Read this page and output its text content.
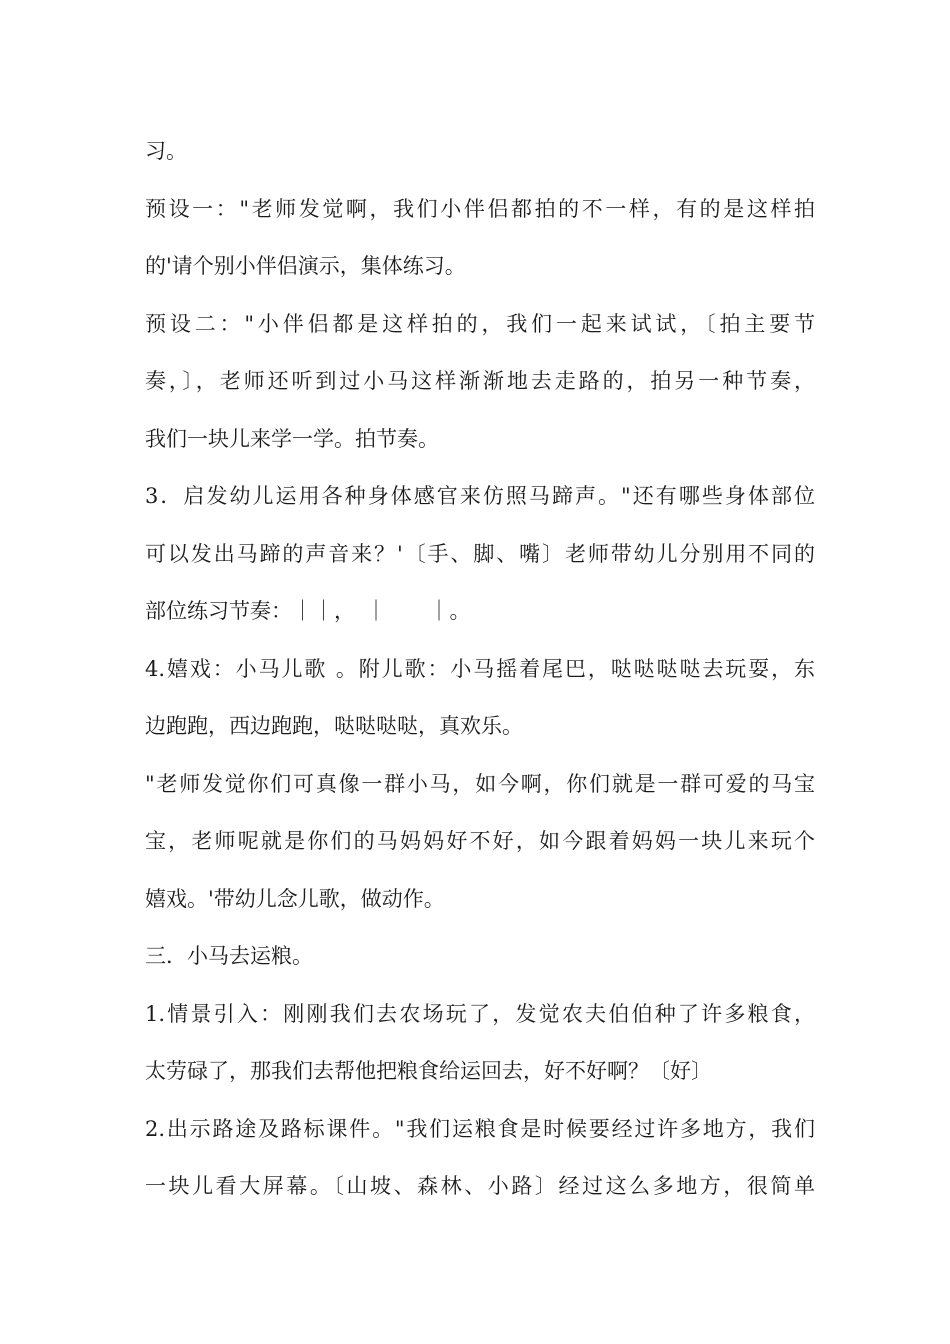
习。
预设一："老师发觉啊，我们小伴侣都拍的不一样，有的是这样拍
的'请个别小伴侣演示，集体练习。
预设二："小伴侣都是这样拍的，我们一起来试试，〔拍主要节
奏，〕，老师还听到过小马这样渐渐地去走路的，拍另一种节奏，
我们一块儿来学一学。拍节奏。
3．启发幼儿运用各种身体感官来仿照马蹄声。"还有哪些身体部位
可以发出马蹄的声音来？'〔手、脚、嘴〕老师带幼儿分别用不同的
部位练习节奏：｜｜，　｜　　｜。
4.嬉戏：小马儿歌 。附儿歌：小马摇着尾巴，哒哒哒哒去玩耍，东
边跑跑，西边跑跑，哒哒哒哒，真欢乐。
"老师发觉你们可真像一群小马，如今啊，你们就是一群可爱的马宝
宝，老师呢就是你们的马妈妈好不好，如今跟着妈妈一块儿来玩个
嬉戏。'带幼儿念儿歌，做动作。
三．小马去运粮。
1.情景引入：刚刚我们去农场玩了，发觉农夫伯伯种了许多粮食，
太劳碌了，那我们去帮他把粮食给运回去，好不好啊？〔好〕
2.出示路途及路标课件。"我们运粮食是时候要经过许多地方，我们
一块儿看大屏幕。〔山坡、森林、小路〕经过这么多地方，很简单
